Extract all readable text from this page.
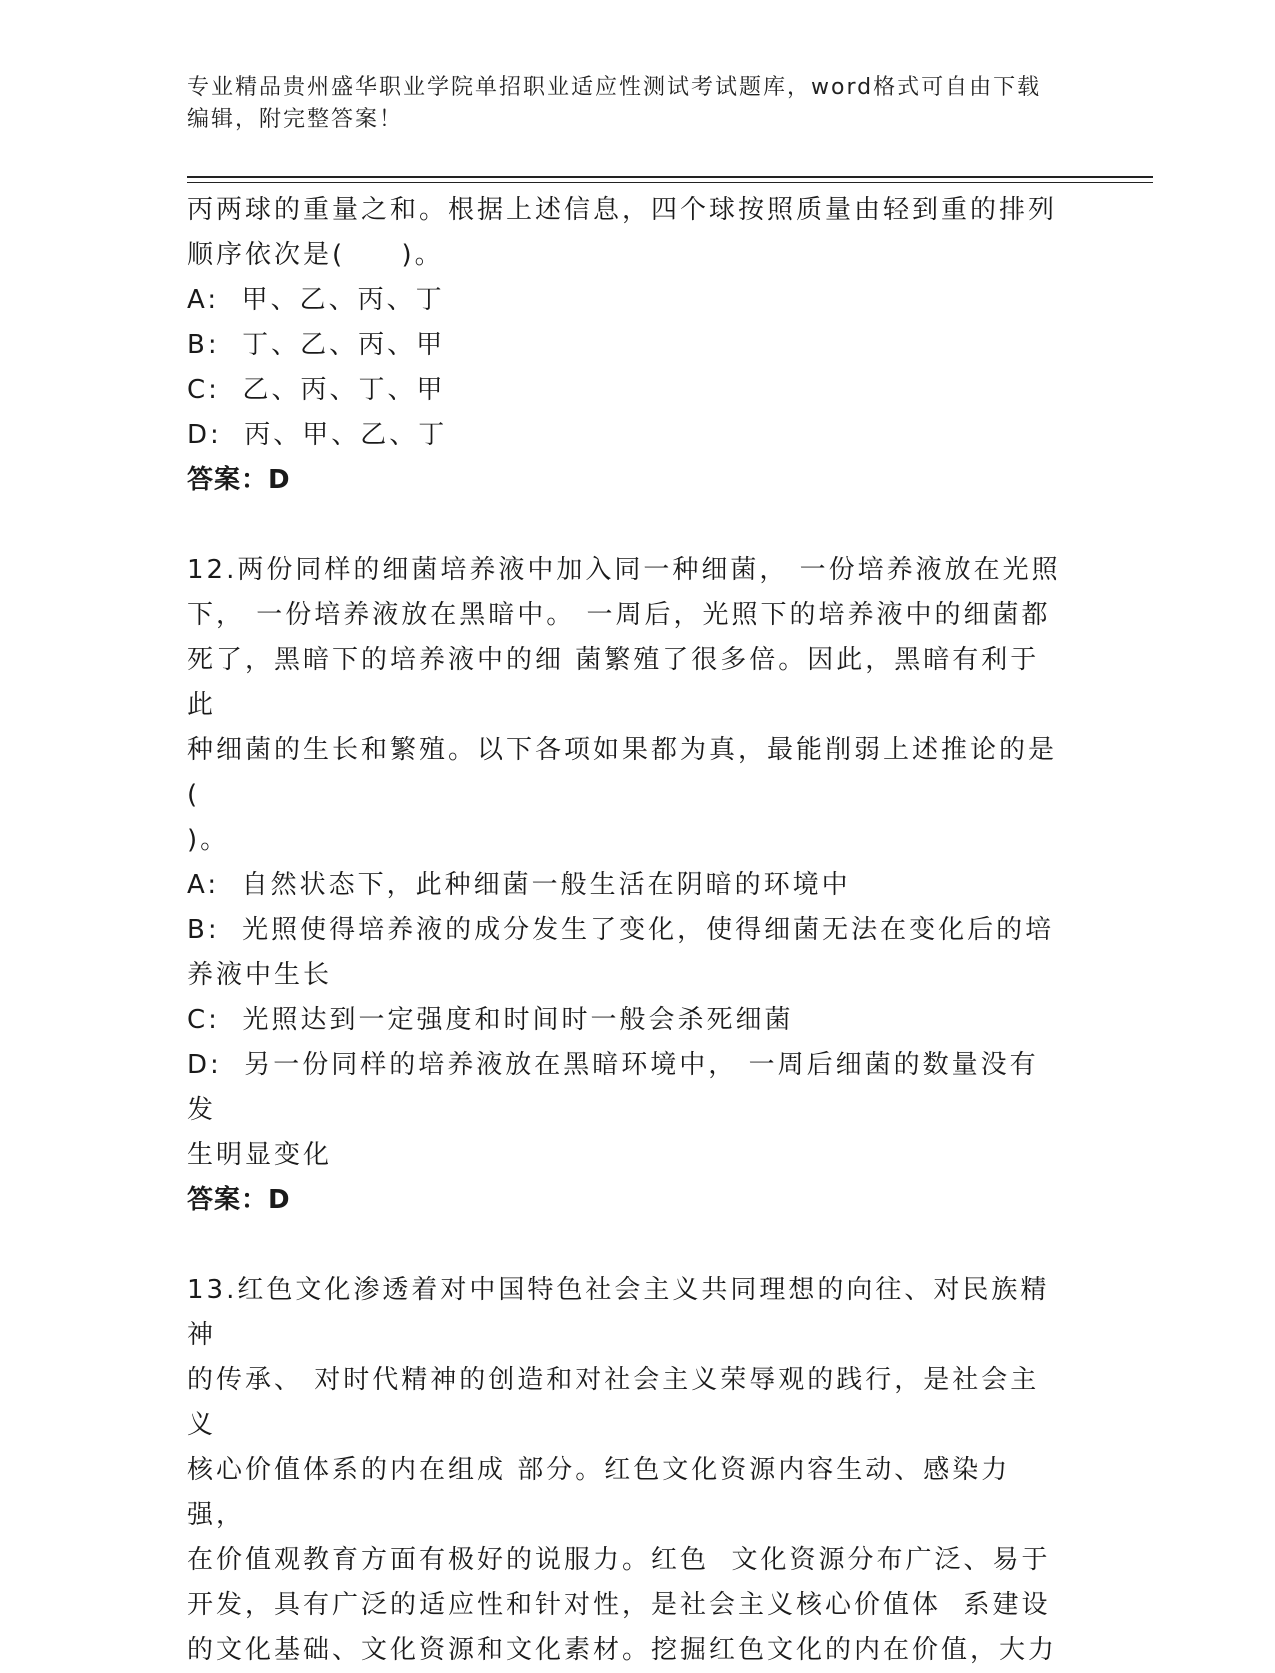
专业精品贵州盛华职业学院单招职业适应性测试考试题库，word格式可自由下载
编辑，附完整答案！

丙两球的重量之和。根据上述信息，四个球按照质量由轻到重的排列

顺序依次是(     )。

A:  甲、乙、丙、丁

B:  丁、乙、丙、甲

C:  乙、丙、丁、甲

D:  丙、甲、乙、丁

答案：D

12.两份同样的细菌培养液中加入同一种细菌， 一份培养液放在光照

下， 一份培养液放在黑暗中。 一周后，光照下的培养液中的细菌都

死了，黑暗下的培养液中的细 菌繁殖了很多倍。因此，黑暗有利于此

种细菌的生长和繁殖。以下各项如果都为真，最能削弱上述推论的是(

)。

A:  自然状态下，此种细菌一般生活在阴暗的环境中

B:  光照使得培养液的成分发生了变化，使得细菌无法在变化后的培

养液中生长

C:  光照达到一定强度和时间时一般会杀死细菌

D:  另一份同样的培养液放在黑暗环境中， 一周后细菌的数量没有发

生明显变化

答案：D

13.红色文化渗透着对中国特色社会主义共同理想的向往、对民族精神

的传承、 对时代精神的创造和对社会主义荣辱观的践行，是社会主义

核心价值体系的内在组成 部分。红色文化资源内容生动、感染力强，

在价值观教育方面有极好的说服力。红色  文化资源分布广泛、易于

开发，具有广泛的适应性和针对性，是社会主义核心价值体  系建设

的文化基础、文化资源和文化素材。挖掘红色文化的内在价值，大力
